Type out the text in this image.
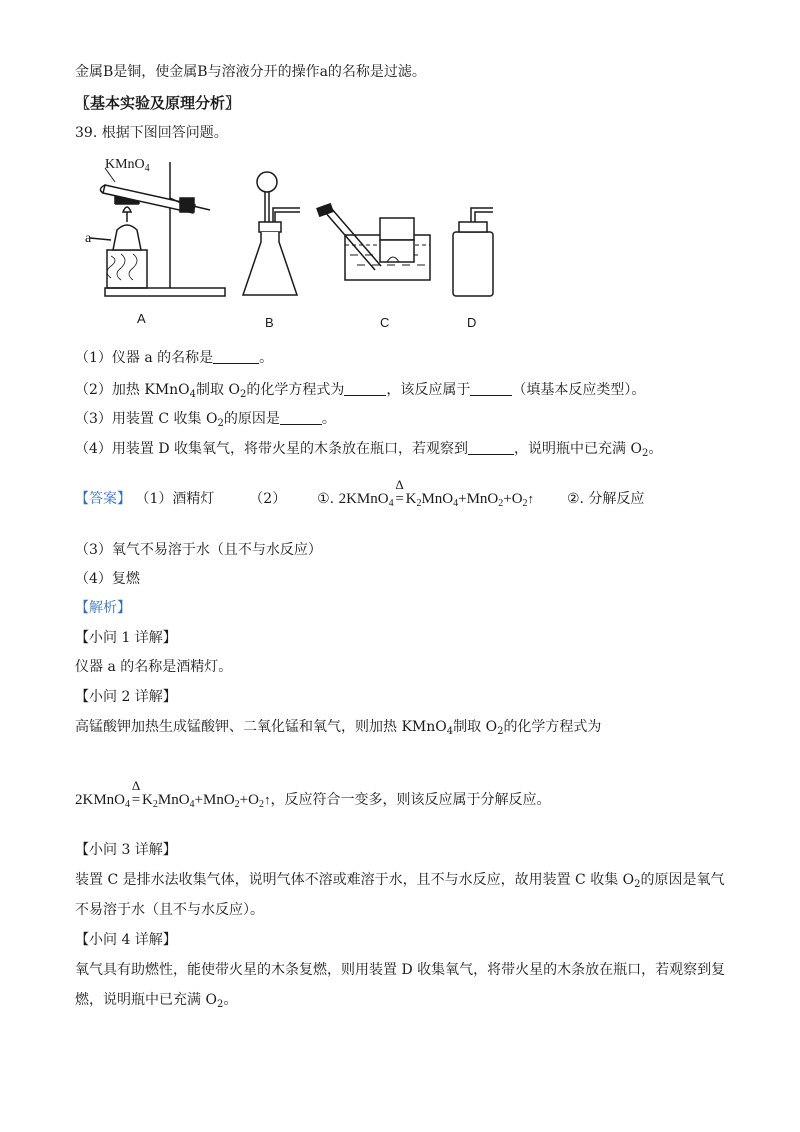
金属B是铜，使金属B与溶液分开的操作a的名称是过滤。
〖基本实验及原理分析〗
39. 根据下图回答问题。
KMnO$_4$
a
A	B	C	D
（1）仪器 a 的名称是	。
（2）加热 KMnO$_4$制取 $O_2$的化学方程式为	，该反应属于	（填基本反应类型）。
（3）用装置 C 收集 $O_2$的原因是	。
（4）用装置 D 收集氧气，将带火星的木条放在瓶口，若观察到	，说明瓶中已充满 $O_2$。
【答案】 （1）酒精灯 （2） ①. 2KMnO$_4$
Δ
= $K_2MnO_4+MnO_2+O_2↑$ ②. 分解反应
（3）氧气不易溶于水（且不与水反应）
（4）复燃
【解析】
【小问 1 详解】
仪器 a 的名称是酒精灯。
【小问 2 详解】
高锰酸钾加热生成锰酸钾、二氧化锰和氧气，则加热 KMnO$_4$制取 $O_2$的化学方程式为
2KMnO$_4$
Δ
= $K_2MnO_4+MnO_2+O_2↑$，反应符合一变多，则该反应属于分解反应。
【小问 3 详解】
装置 C 是排水法收集气体，说明气体不溶或难溶于水，且不与水反应，故用装置 C 收集 $O_2$的原因是氧气
不易溶于水（且不与水反应）。
【小问 4 详解】
氧气具有助燃性，能使带火星的木条复燃，则用装置 D 收集氧气，将带火星的木条放在瓶口，若观察到复
燃，说明瓶中已充满 $O_2$。
